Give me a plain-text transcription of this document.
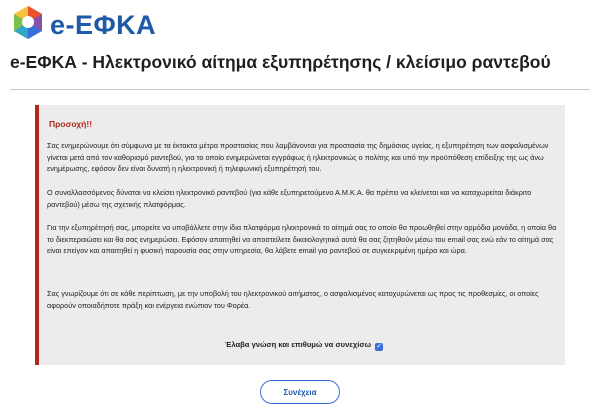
e-ΕΦΚΑ
e-ΕΦΚΑ - Ηλεκτρονικό αίτημα εξυπηρέτησης / κλείσιμο ραντεβού
Προσοχή!!
Σας ενημερώνουμε ότι σύμφωνα με τα έκτακτα μέτρα προστασίας που λαμβάνονται για προστασία της δημόσιας υγείας, η εξυπηρέτηση των ασφαλισμένων γίνεται μετά από τον καθορισμό ραντεβού, για το οποίο ενημερώνεται εγγράφως ή ηλεκτρονικώς ο πολίτης και υπό την προϋπόθεση επίδειξης της ως άνω ενημέρωσης, εφόσον δεν είναι δυνατή η ηλεκτρονική ή τηλεφωνική εξυπηρέτησή του.
Ο συναλλασσόμενος δύναται να κλείσει ηλεκτρονικό ραντεβού (για κάθε εξυπηρετούμενο Α.Μ.Κ.Α. θα πρέπει να κλείνεται και να καταχωρείται διάκριτο ραντεβού) μέσω της σχετικής πλατφόρμας.
Για την εξυπηρέτησή σας, μπορείτε να υποβάλλετε στην ίδια πλατφόρμα ηλεκτρονικά το αίτημά σας το οποίο θα προωθηθεί στην αρμόδια μονάδα, η οποία θα το διεκπεραιώσει και θα σας ενημερώσει. Εφόσον απαιτηθεί να αποστείλετε δικαιολογητικά αυτά θα σας ζητηθούν μέσω του email σας ενώ εάν το αίτημά σας είναι επείγον και απαιτηθεί η φυσική παρουσία σας στην υπηρεσία, θα λάβετε email για ραντεβού σε συγκεκριμένη ημέρα και ώρα.
Σας γνωρίζουμε ότι σε κάθε περίπτωση, με την υποβολή του ηλεκτρονικού αιτήματος, ο ασφαλισμένος κατοχυρώνεται ως προς τις προθεσμίες, οι οποίες αφορούν οποιαδήποτε πράξη και ενέργεια ενώπιον του Φορέα.
Έλαβα γνώση και επιθυμώ να συνεχίσω ✓
Συνέχεια
